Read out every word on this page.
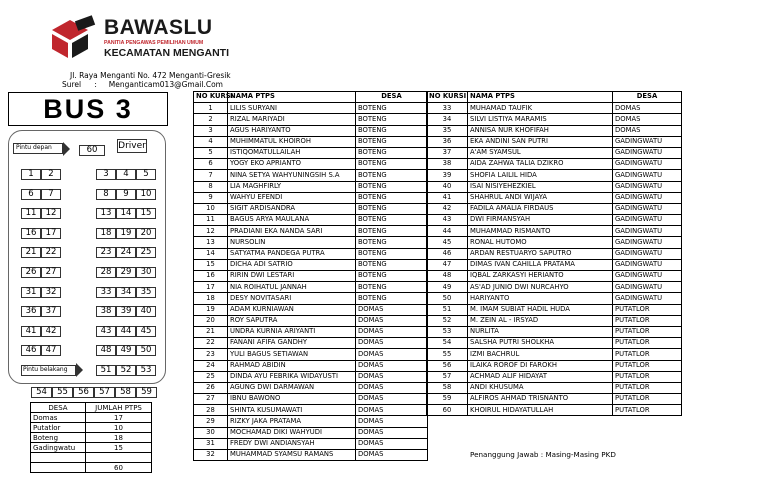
BAWASLU
PANITIA PENGAWAS PEMILIHAN UMUM
KECAMATAN MENGANTI
Jl. Raya Menganti No. 472 Menganti-Gresik
Surel : Menganticam013@Gmail.Com
BUS 3
Pintu depan	60	Driver
1	2	3	4	5
6	7	8	9	10
11	12	13	14	15
16	17	18	19	20
21	22	23	24	25
26	27	28	29	30
31	32	33	34	35
36	37	38	39	40
41	42	43	44	45
46	47	48	49	50
51	52	53
Pintu belakang
54	55	56	57	58	59
DESA	JUMLAH PTPS
Domas	17
Putatlor	10
Boteng	18
Gadingwatu	15

	60
NO KURSI	NAMA PTPS	DESA
1	LILIS SURYANI	BOTENG
2	RIZAL MARIYADI	BOTENG
3	AGUS HARIYANTO	BOTENG
4	MUHIMMATUL KHOIROH	BOTENG
5	ISTIQOMATULLAILAH	BOTENG
6	YOGY EKO APRIANTO	BOTENG
7	NINA SETYA WAHYUNINGSIH S.A	BOTENG
8	LIA MAGHFIRLY	BOTENG
9	WAHYU EFENDI	BOTENG
10	SIGIT ARDISANDRA	BOTENG
11	BAGUS ARYA MAULANA	BOTENG
12	PRADIANI EKA NANDA SARI	BOTENG
13	NURSOLIN	BOTENG
14	SATYATMA PANDEGA PUTRA	BOTENG
15	DICHA ADI SATRIO	BOTENG
16	RIRIN DWI LESTARI	BOTENG
17	NIA ROIHATUL JANNAH	BOTENG
18	DESY NOVITASARI	BOTENG
19	ADAM KURNIAWAN	DOMAS
20	ROY SAPUTRA	DOMAS
21	UNDRA KURNIA ARIYANTI	DOMAS
22	FANANI AFIFA GANDHY	DOMAS
23	YULI BAGUS SETIAWAN	DOMAS
24	RAHMAD ABIDIN	DOMAS
25	DINDA AYU FEBRIKA WIDAYUSTI	DOMAS
26	AGUNG DWI DARMAWAN	DOMAS
27	IBNU BAWONO	DOMAS
28	SHINTA KUSUMAWATI	DOMAS
29	RIZKY JAKA PRATAMA	DOMAS
30	MOCHAMAD DIKI WAHYUDI	DOMAS
31	FREDY DWI ANDIANSYAH	DOMAS
32	MUHAMMAD SYAMSU RAMANS	DOMAS
NO KURSI	NAMA PTPS	DESA
33	MUHAMAD TAUFIK	DOMAS
34	SILVI LISTIYA MARAMIS	DOMAS
35	ANNISA NUR KHOFIFAH	DOMAS
36	EKA ANDINI SAN PUTRI	GADINGWATU
37	A'AM SYAMSUL	GADINGWATU
38	AIDA ZAHWA TALIA DZIKRO	GADINGWATU
39	SHOFIA LAILIL HIDA	GADINGWATU
40	ISAI NISIYEHEZKIEL	GADINGWATU
41	SHAHRUL ANDI WIJAYA	GADINGWATU
42	FADILA AMALIA FIRDAUS	GADINGWATU
43	DWI FIRMANSYAH	GADINGWATU
44	MUHAMMAD RISMANTO	GADINGWATU
45	RONAL HUTOMO	GADINGWATU
46	ARDAN RESTUARYO SAPUTRO	GADINGWATU
47	DIMAS IVAN CAHILLA PRATAMA	GADINGWATU
48	IQBAL ZARKASYI HERIANTO	GADINGWATU
49	AS'AD JUNIO DWI NURCAHYO	GADINGWATU
50	HARIYANTO	GADINGWATU
51	M. IMAM SUBIAT HADIL HUDA	PUTATLOR
52	M. ZEIN AL - IRSYAD	PUTATLOR
53	NURLITA	PUTATLOR
54	SALSHA PUTRI SHOLKHA	PUTATLOR
55	IZMI BACHRUL	PUTATLOR
56	ILAIKA ROROF DI FAROKH	PUTATLOR
57	ACHMAD ALIF HIDAYAT	PUTATLOR
58	ANDI KHUSUMA	PUTATLOR
59	ALFIROS AHMAD TRISNANTO	PUTATLOR
60	KHOIRUL HIDAYATULLAH	PUTATLOR
Penanggung Jawab : Masing-Masing PKD
